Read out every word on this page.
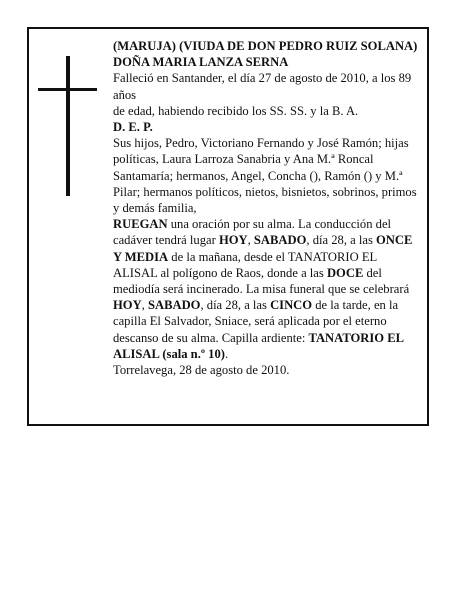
(MARUJA) (VIUDA DE DON PEDRO RUIZ SOLANA)

DOÑA MARIA LANZA SERNA

Falleció en Santander, el día 27 de agosto de 2010, a los 89 años

de edad, habiendo recibido los SS. SS. y la B. A.

D. E. P.

Sus hijos, Pedro, Victoriano Fernando y José Ramón; hijas políticas, Laura Larroza Sanabria y Ana M.ª Roncal Santamaría; hermanos, Angel, Concha (), Ramón () y M.ª Pilar; hermanos políticos, nietos, bisnietos, sobrinos, primos y demás familia,

RUEGAN una oración por su alma. La conducción del cadáver tendrá lugar HOY, SABADO, día 28, a las ONCE Y MEDIA de la mañana, desde el TANATORIO EL ALISAL al polígono de Raos, donde a las DOCE del mediodía será incinerado. La misa funeral que se celebrará HOY, SABADO, día 28, a las CINCO de la tarde, en la capilla El Salvador, Sniace, será aplicada por el eterno descanso de su alma. Capilla ardiente: TANATORIO EL ALISAL (sala n.º 10).

Torrelavega, 28 de agosto de 2010.
